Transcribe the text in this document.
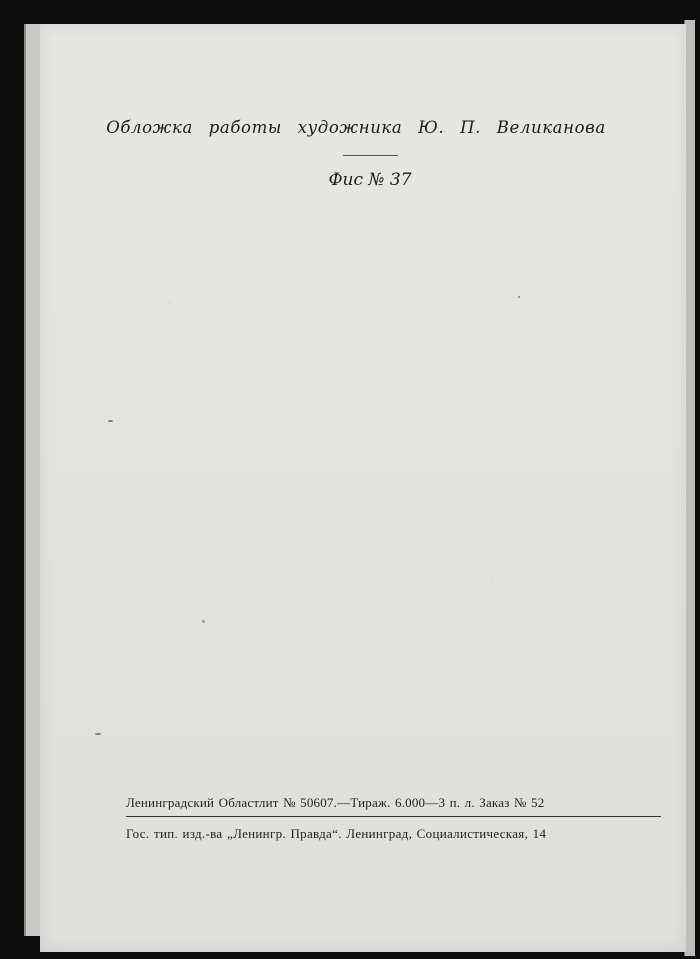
Обложка работы художника Ю. П. Великанова
Фис № 37
Ленинградский Областлит № 50607.—Тираж. 6.000—3 п. л. Заказ № 52
Гос. тип. изд.-ва „Ленингр. Правда“. Ленинград, Социалистическая, 14
